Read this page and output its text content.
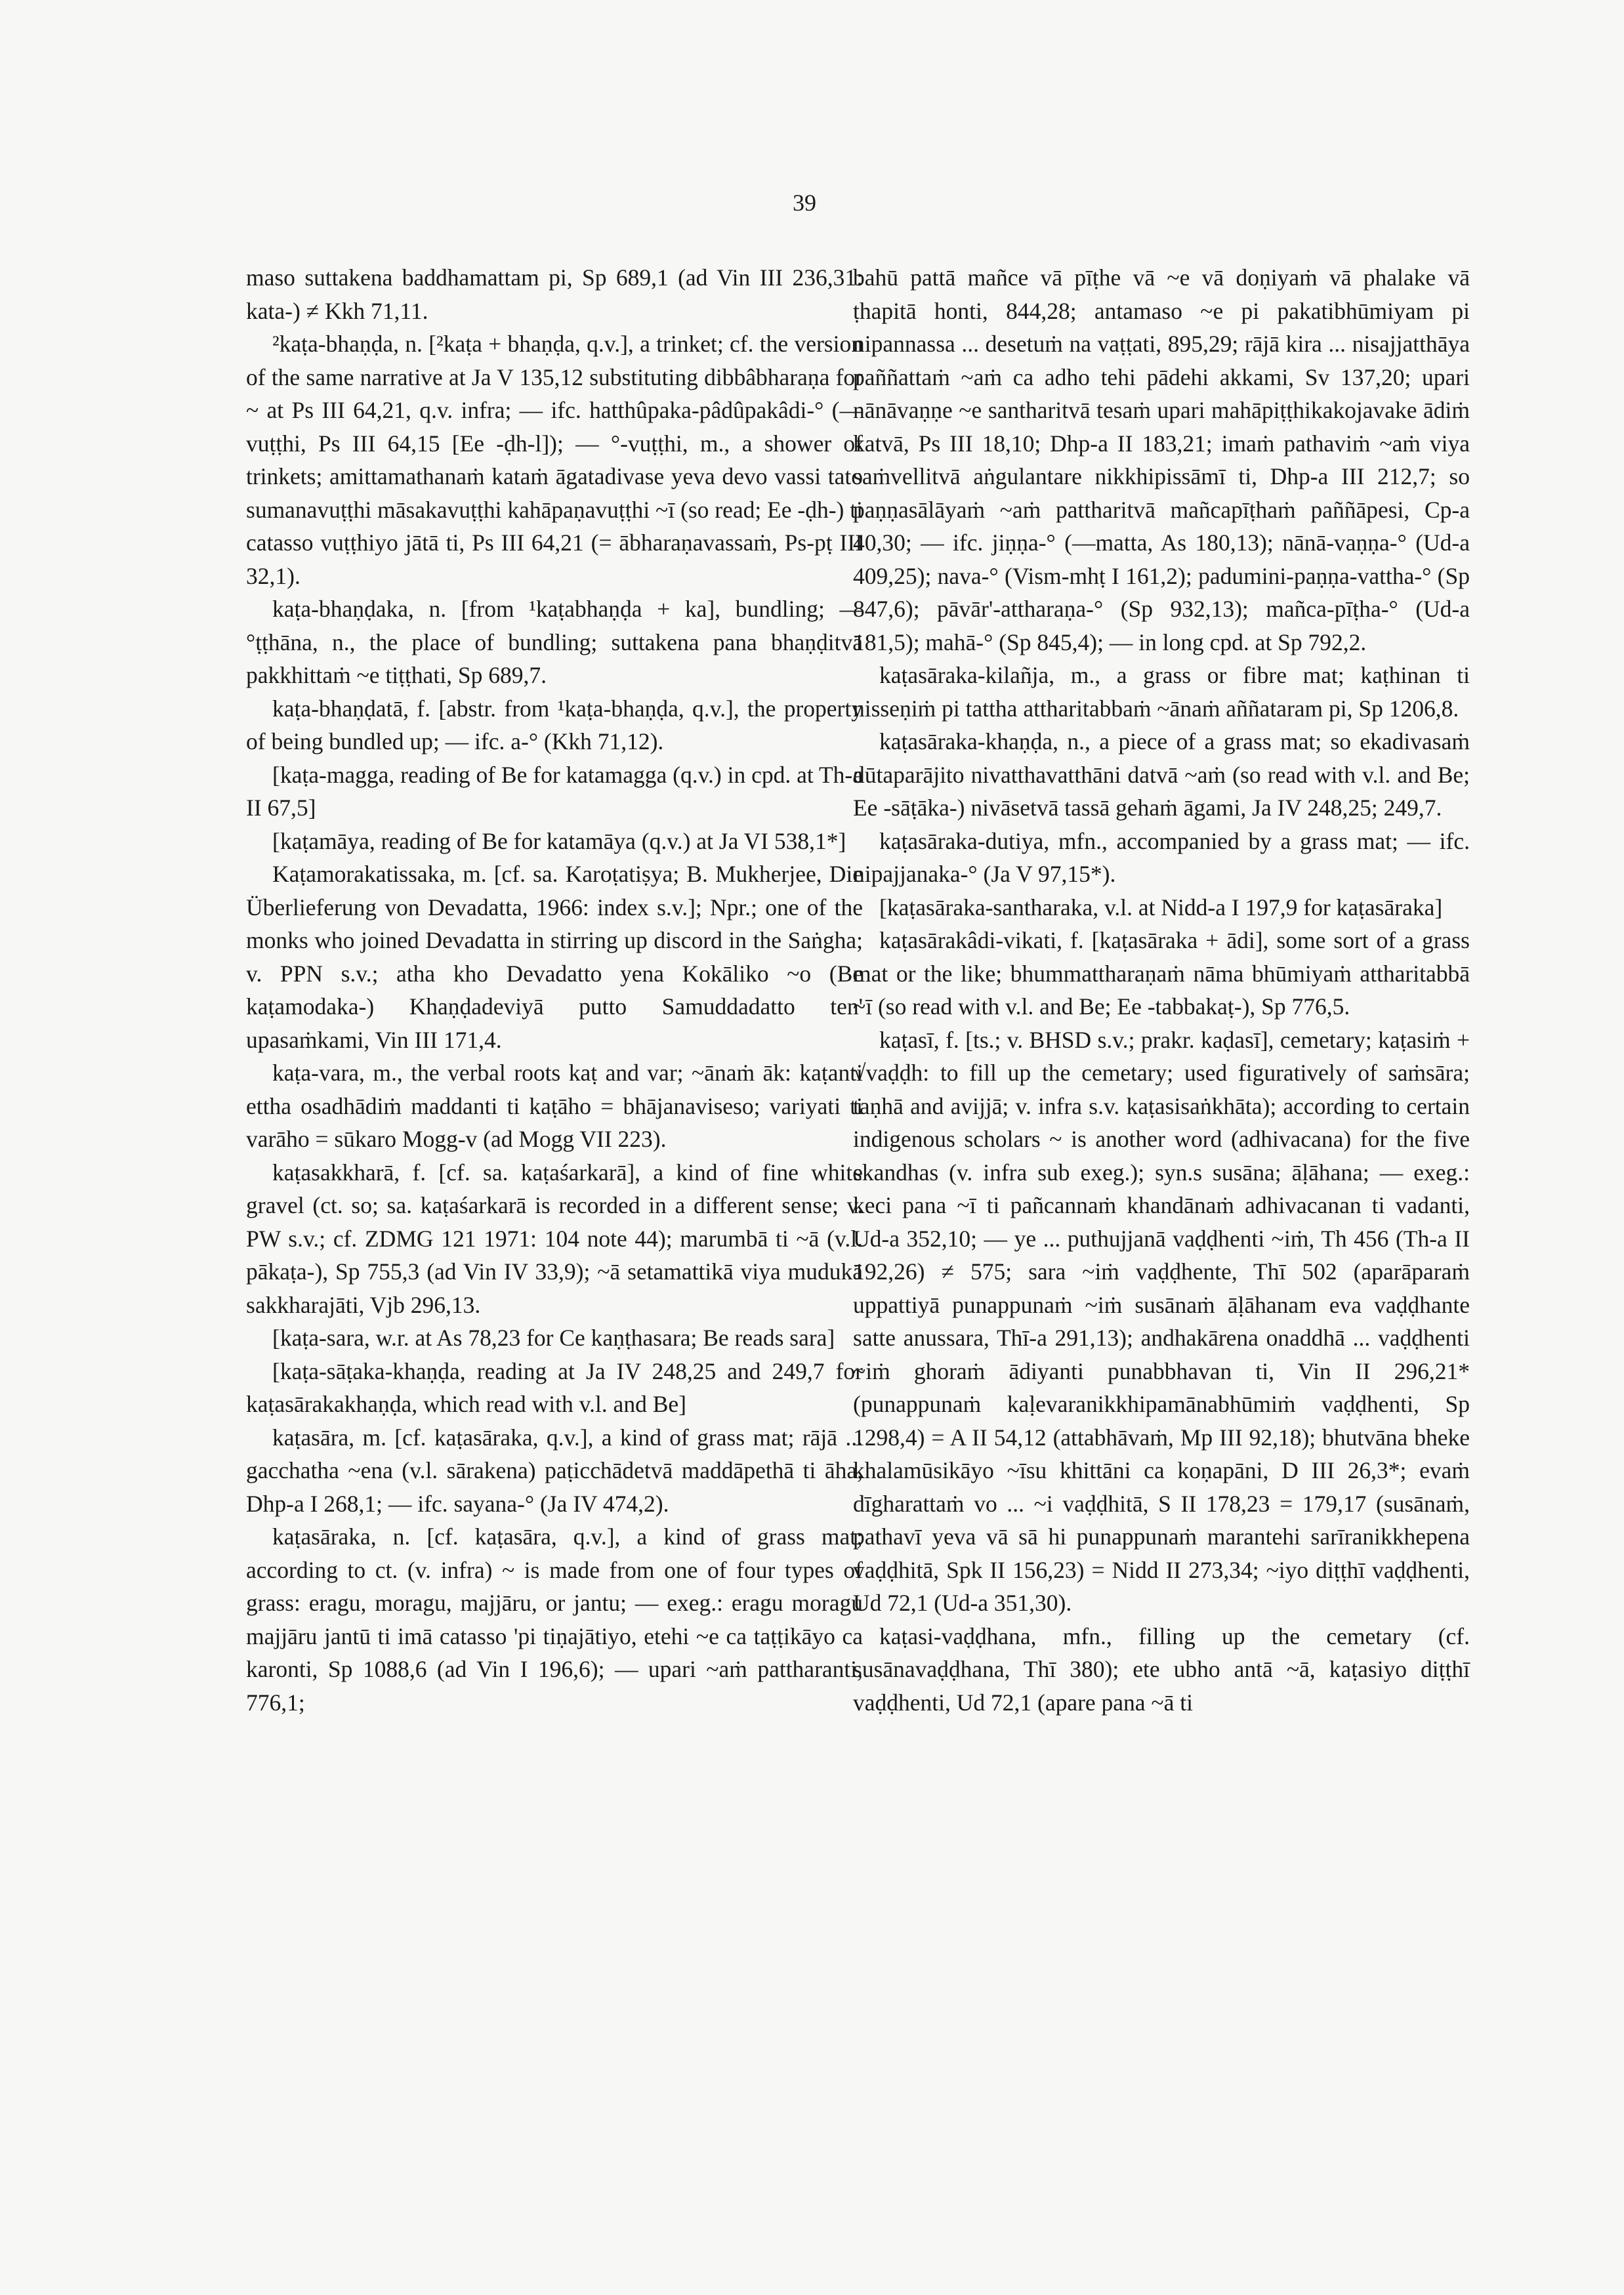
39

maso suttakena baddhamattam pi, Sp 689,1 (ad Vin III 236,31: kata-) ≠ Kkh 71,11.

²kaṭa-bhaṇḍa, n. [²kaṭa + bhaṇḍa, q.v.], a trinket; cf. the version of the same narrative at Ja V 135,12 substituting dibbâbharaṇa for ~ at Ps III 64,21, q.v. infra; — ifc. hatthûpaka-pâdûpakâdi-° (—vuṭṭhi, Ps III 64,15 [Ee -ḍh-l]); — °-vuṭṭhi, m., a shower of trinkets; amittamathanaṁ kataṁ āgatadivase yeva devo vassi tato sumanavuṭṭhi māsakavuṭṭhi kahāpaṇavuṭṭhi ~ī (so read; Ee -ḍh-) ti catasso vuṭṭhiyo jātā ti, Ps III 64,21 (= ābharaṇavassaṁ, Ps-pṭ III 32,1).

kaṭa-bhaṇḍaka, n. [from ¹kaṭabhaṇḍa + ka], bundling; — °ṭṭhāna, n., the place of bundling; suttakena pana bhaṇḍitvā pakkhittaṁ ~e tiṭṭhati, Sp 689,7.

kaṭa-bhaṇḍatā, f. [abstr. from ¹kaṭa-bhaṇḍa, q.v.], the property of being bundled up; — ifc. a-° (Kkh 71,12).

[kaṭa-magga, reading of Be for katamagga (q.v.) in cpd. at Th-a II 67,5]

[kaṭamāya, reading of Be for katamāya (q.v.) at Ja VI 538,1*]

Kaṭamorakatissaka, m. [cf. sa. Karoṭatiṣya; B. Mukherjee, Die Überlieferung von Devadatta, 1966: index s.v.]; Npr.; one of the monks who joined Devadatta in stirring up discord in the Saṅgha; v. PPN s.v.; atha kho Devadatto yena Kokāliko ~o (Be kaṭamodaka-) Khaṇḍadeviyā putto Samuddadatto ten' upasaṁkami, Vin III 171,4.

kaṭa-vara, m., the verbal roots kaṭ and var; ~ānaṁ āk: kaṭanti ettha osadhādiṁ maddanti ti kaṭāho = bhājanaviseso; variyati ti varāho = sūkaro Mogg-v (ad Mogg VII 223).

kaṭasakkharā, f. [cf. sa. kaṭaśarkarā], a kind of fine white gravel (ct. so; sa. kaṭaśarkarā is recorded in a different sense; v. PW s.v.; cf. ZDMG 121 1971: 104 note 44); marumbā ti ~ā (v.l. pākaṭa-), Sp 755,3 (ad Vin IV 33,9); ~ā setamattikā viya mudukā sakkharajāti, Vjb 296,13.

[kaṭa-sara, w.r. at As 78,23 for Ce kaṇṭhasara; Be reads sara]

[kaṭa-sāṭaka-khaṇḍa, reading at Ja IV 248,25 and 249,7 for kaṭasārakakhaṇḍa, which read with v.l. and Be]

kaṭasāra, m. [cf. kaṭasāraka, q.v.], a kind of grass mat; rājā ... gacchatha ~ena (v.l. sārakena) paṭicchādetvā maddāpethā ti āha, Dhp-a I 268,1; — ifc. sayana-° (Ja IV 474,2).

kaṭasāraka, n. [cf. kaṭasāra, q.v.], a kind of grass mat; according to ct. (v. infra) ~ is made from one of four types of grass: eragu, moragu, majjāru, or jantu; — exeg.: eragu moragu majjāru jantū ti imā catasso 'pi tiṇajātiyo, etehi ~e ca taṭṭikāyo ca karonti, Sp 1088,6 (ad Vin I 196,6); — upari ~aṁ pattharanti, 776,1;

bahū pattā mañce vā pīṭhe vā ~e vā doṇiyaṁ vā phalake vā ṭhapitā honti, 844,28; antamaso ~e pi pakatibhūmiyam pi nipannassa ... desetuṁ na vaṭṭati, 895,29; rājā kira ... nisajjatthāya paññattaṁ ~aṁ ca adho tehi pādehi akkami, Sv 137,20; upari nānāvaṇṇe ~e santharitvā tesaṁ upari mahāpiṭṭhikakojavake ādiṁ katvā, Ps III 18,10; Dhp-a II 183,21; imaṁ pathaviṁ ~aṁ viya saṁvellitvā aṅgulantare nikkhipissāmī ti, Dhp-a III 212,7; so paṇṇasālāyaṁ ~aṁ pattharitvā mañcapīṭhaṁ paññāpesi, Cp-a 40,30; — ifc. jiṇṇa-° (—matta, As 180,13); nānā-vaṇṇa-° (Ud-a 409,25); nava-° (Vism-mhṭ I 161,2); padumini-paṇṇa-vattha-° (Sp 847,6); pāvār'-attharaṇa-° (Sp 932,13); mañca-pīṭha-° (Ud-a 181,5); mahā-° (Sp 845,4); — in long cpd. at Sp 792,2.

kaṭasāraka-kilañja, m., a grass or fibre mat; kaṭhinan ti nisseṇiṁ pi tattha attharitabbaṁ ~ānaṁ aññataram pi, Sp 1206,8.

kaṭasāraka-khaṇḍa, n., a piece of a grass mat; so ekadivasaṁ dūtaparājito nivatthavatthāni datvā ~aṁ (so read with v.l. and Be; Ee -sāṭāka-) nivāsetvā tassā gehaṁ āgami, Ja IV 248,25; 249,7.

kaṭasāraka-dutiya, mfn., accompanied by a grass mat; — ifc. nipajjanaka-° (Ja V 97,15*).

[kaṭasāraka-santharaka, v.l. at Nidd-a I 197,9 for kaṭasāraka]

kaṭasārakâdi-vikati, f. [kaṭasāraka + ādi], some sort of a grass mat or the like; bhummattharaṇaṁ nāma bhūmiyaṁ attharitabbā ~ī (so read with v.l. and Be; Ee -tabbakaṭ-), Sp 776,5.

kaṭasī, f. [ts.; v. BHSD s.v.; prakr. kaḍasī], cemetary; kaṭasiṁ + √vaḍḍh: to fill up the cemetary; used figuratively of saṁsāra; taṇhā and avijjā; v. infra s.v. kaṭasisaṅkhāta); according to certain indigenous scholars ~ is another word (adhivacana) for the five skandhas (v. infra sub exeg.); syn.s susāna; āḷāhana; — exeg.: keci pana ~ī ti pañcannaṁ khandānaṁ adhivacanan ti vadanti, Ud-a 352,10; — ye ... puthujjanā vaḍḍhenti ~iṁ, Th 456 (Th-a II 192,26) ≠ 575; sara ~iṁ vaḍḍhente, Thī 502 (aparāparaṁ uppattiyā punappunaṁ ~iṁ susānaṁ āḷāhanam eva vaḍḍhante satte anussara, Thī-a 291,13); andhakārena onaddhā ... vaḍḍhenti ~iṁ ghoraṁ ādiyanti punabbhavan ti, Vin II 296,21* (punappunaṁ kaḷevaranikkhipamānabhūmiṁ vaḍḍhenti, Sp 1298,4) = A II 54,12 (attabhāvaṁ, Mp III 92,18); bhutvāna bheke khalamūsikāyo ~īsu khittāni ca koṇapāni, D III 26,3*; evaṁ dīgharattaṁ vo ... ~i vaḍḍhitā, S II 178,23 = 179,17 (susānaṁ, pathavī yeva vā sā hi punappunaṁ marantehi sarīranikkhepena vaḍḍhitā, Spk II 156,23) = Nidd II 273,34; ~iyo diṭṭhī vaḍḍhenti, Ud 72,1 (Ud-a 351,30).

kaṭasi-vaḍḍhana, mfn., filling up the cemetary (cf. susānavaḍḍhana, Thī 380); ete ubho antā ~ā, kaṭasiyo diṭṭhī vaḍḍhenti, Ud 72,1 (apare pana ~ā ti
